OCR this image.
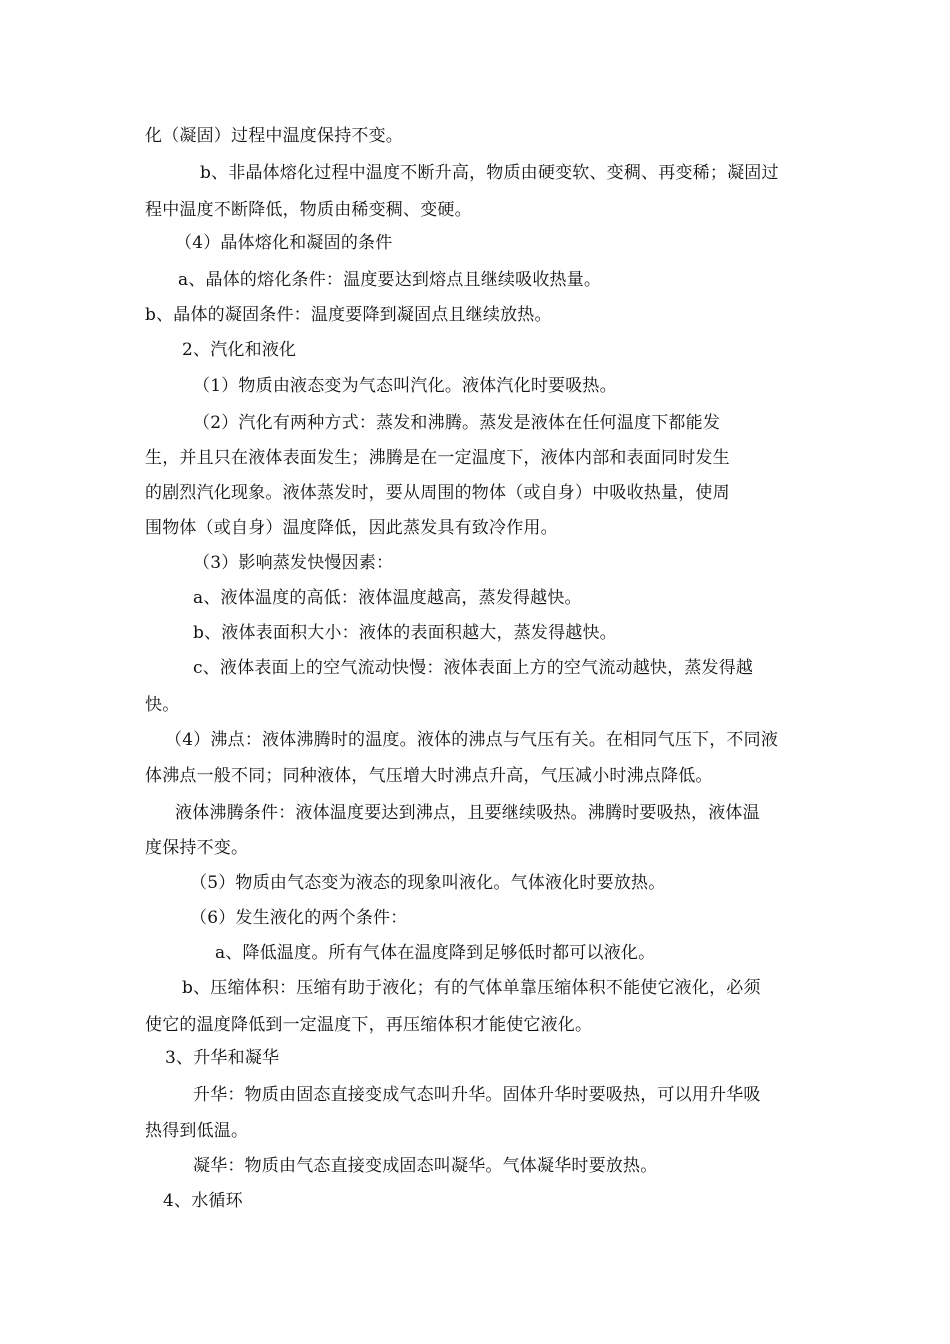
化（凝固）过程中温度保持不变。
b、非晶体熔化过程中温度不断升高，物质由硬变软、变稠、再变稀；凝固过
程中温度不断降低，物质由稀变稠、变硬。
（4）晶体熔化和凝固的条件
a、晶体的熔化条件：温度要达到熔点且继续吸收热量。
b、晶体的凝固条件：温度要降到凝固点且继续放热。
2、汽化和液化
（1）物质由液态变为气态叫汽化。液体汽化时要吸热。
（2）汽化有两种方式：蒸发和沸腾。蒸发是液体在任何温度下都能发
生，并且只在液体表面发生；沸腾是在一定温度下，液体内部和表面同时发生
的剧烈汽化现象。液体蒸发时，要从周围的物体（或自身）中吸收热量，使周
围物体（或自身）温度降低，因此蒸发具有致冷作用。
（3）影响蒸发快慢因素：
a、液体温度的高低：液体温度越高，蒸发得越快。
b、液体表面积大小：液体的表面积越大，蒸发得越快。
c、液体表面上的空气流动快慢：液体表面上方的空气流动越快，蒸发得越
快。
（4）沸点：液体沸腾时的温度。液体的沸点与气压有关。在相同气压下，不同液
体沸点一般不同；同种液体，气压增大时沸点升高，气压减小时沸点降低。
液体沸腾条件：液体温度要达到沸点，且要继续吸热。沸腾时要吸热，液体温
度保持不变。
（5）物质由气态变为液态的现象叫液化。气体液化时要放热。
（6）发生液化的两个条件：
a、降低温度。所有气体在温度降到足够低时都可以液化。
b、压缩体积：压缩有助于液化；有的气体单靠压缩体积不能使它液化，必须
使它的温度降低到一定温度下，再压缩体积才能使它液化。
3、升华和凝华
升华：物质由固态直接变成气态叫升华。固体升华时要吸热，可以用升华吸
热得到低温。
凝华：物质由气态直接变成固态叫凝华。气体凝华时要放热。
4、水循环
